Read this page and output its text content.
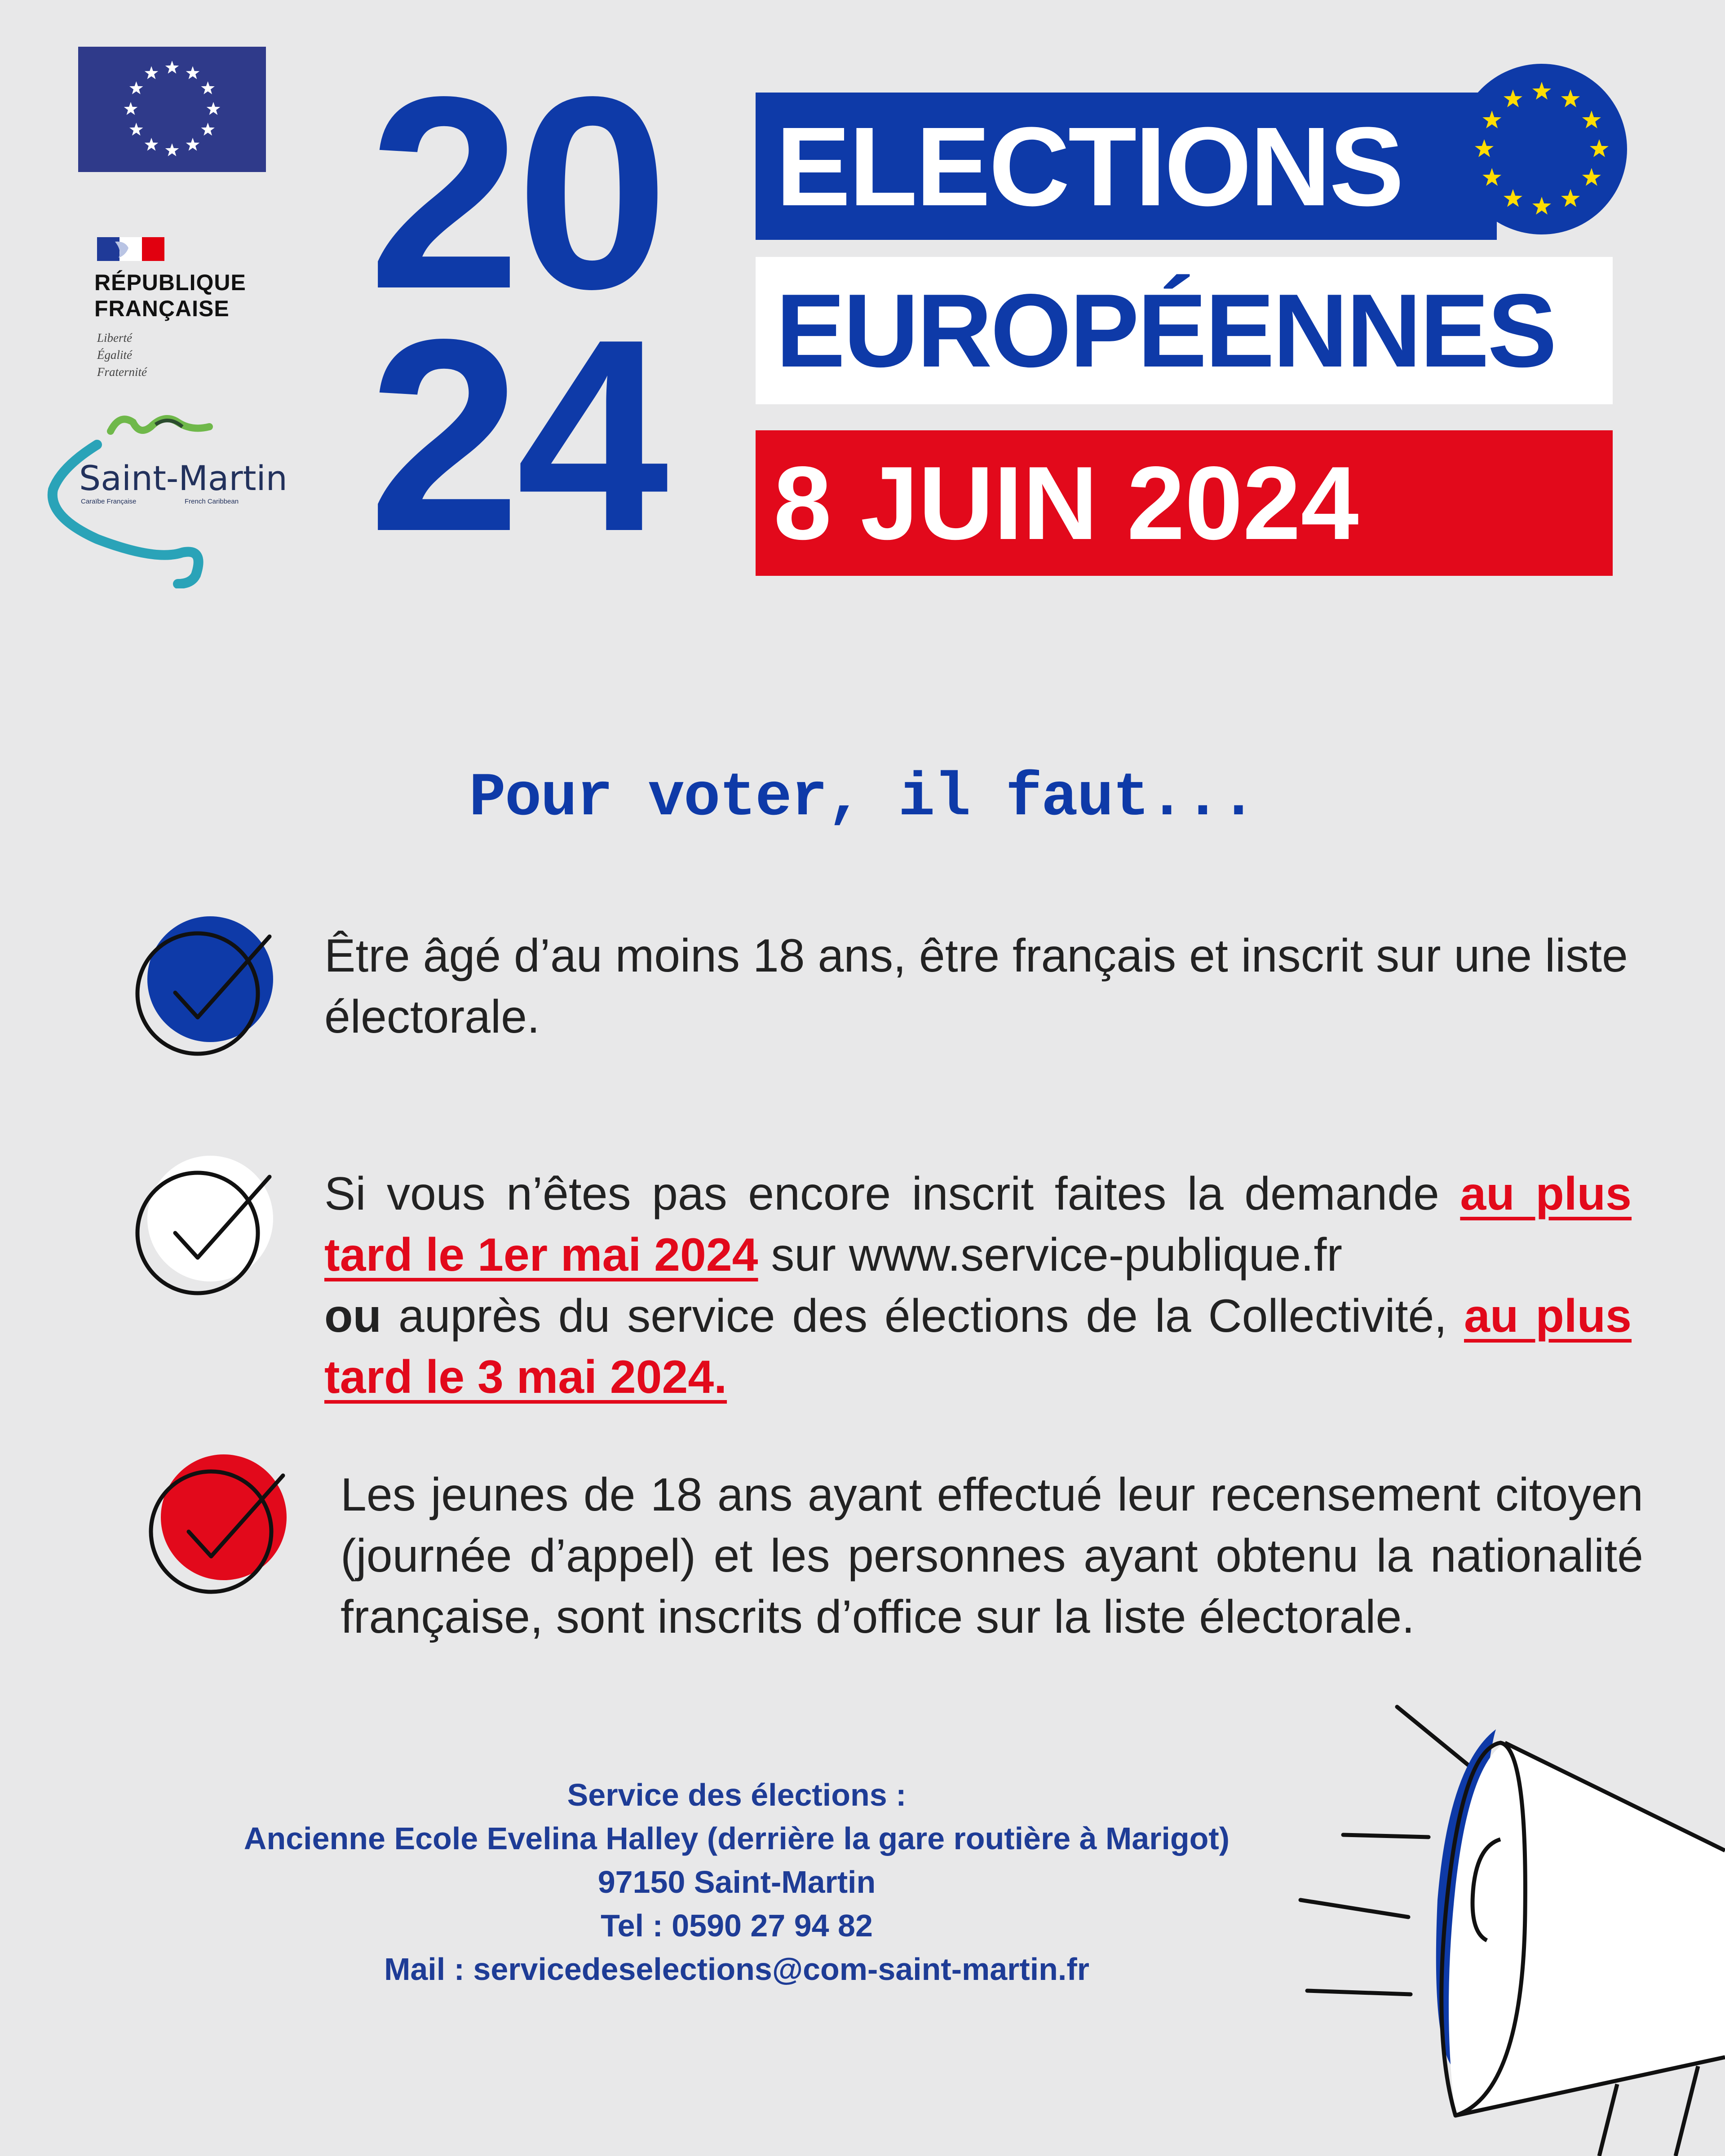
RÉPUBLIQUE
FRANÇAISE
Liberté
Égalité
Fraternité
Saint-Martin
Caraïbe Française	French Caribbean
20
24
ELECTIONS
EUROPÉENNES
8 JUIN 2024
Pour voter, il faut...
Être âgé d’au moins 18 ans, être français et inscrit sur une liste électorale.
Si vous n’êtes pas encore inscrit faites la demande au plus tard le 1er mai 2024 sur www.service-publique.fr
ou auprès du service des élections de la Collectivité, au plus tard le 3 mai 2024.
Les jeunes de 18 ans ayant effectué leur recensement citoyen (journée d’appel) et les personnes ayant obtenu la nationalité française, sont inscrits d’office sur la liste électorale.
Service des élections :
Ancienne Ecole Evelina Halley (derrière la gare routière à Marigot)
97150 Saint-Martin
Tel : 0590 27 94 82
Mail : servicedeselections@com-saint-martin.fr
